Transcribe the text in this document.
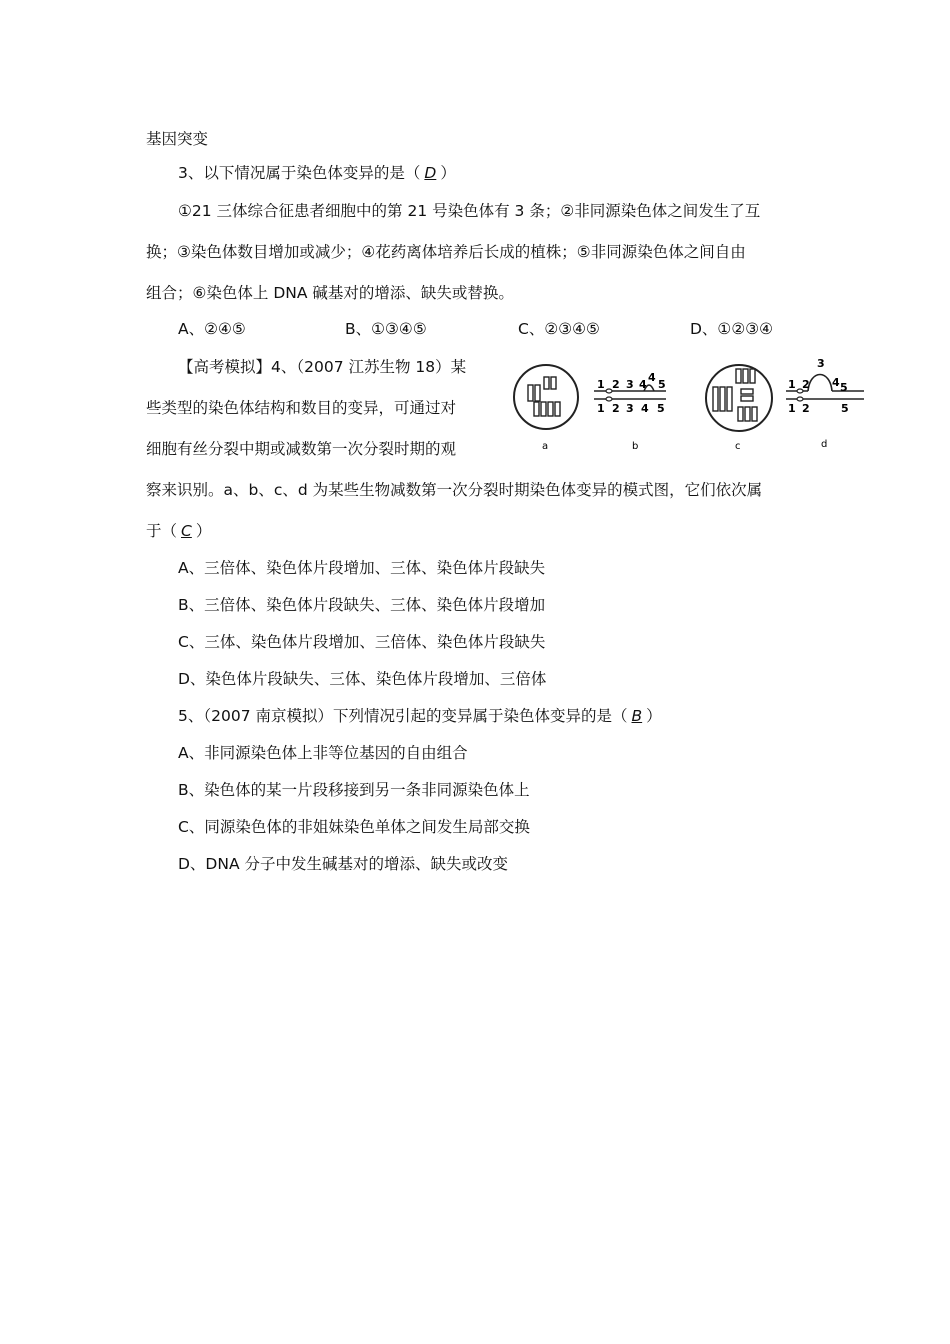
基因突变
3、以下情况属于染色体变异的是（ D ）
①21 三体综合征患者细胞中的第 21 号染色体有 3 条；②非同源染色体之间发生了互
换；③染色体数目增加或减少；④花药离体培养后长成的植株；⑤非同源染色体之间自由
组合；⑥染色体上 DNA 碱基对的增添、缺失或替换。
A、②④⑤	B、①③④⑤	C、②③④⑤	D、①②③④
【高考模拟】4、（2007 江苏生物 18）某
些类型的染色体结构和数目的变异，可通过对
细胞有丝分裂中期或减数第一次分裂时期的观
察来识别。a、b、c、d 为某些生物减数第一次分裂时期染色体变异的模式图，它们依次属
于（ C ）
A、三倍体、染色体片段增加、三体、染色体片段缺失
B、三倍体、染色体片段缺失、三体、染色体片段增加
C、三体、染色体片段增加、三倍体、染色体片段缺失
D、染色体片段缺失、三体、染色体片段增加、三倍体
5、（2007 南京模拟）下列情况引起的变异属于染色体变异的是（ B ）
A、非同源染色体上非等位基因的自由组合
B、染色体的某一片段移接到另一条非同源染色体上
C、同源染色体的非姐妹染色单体之间发生局部交换
D、DNA 分子中发生碱基对的增添、缺失或改变
a
1 2 3 4
4
5
1 2 3 4 5
b	c
1 2
3
4 5
1 2	5
d
